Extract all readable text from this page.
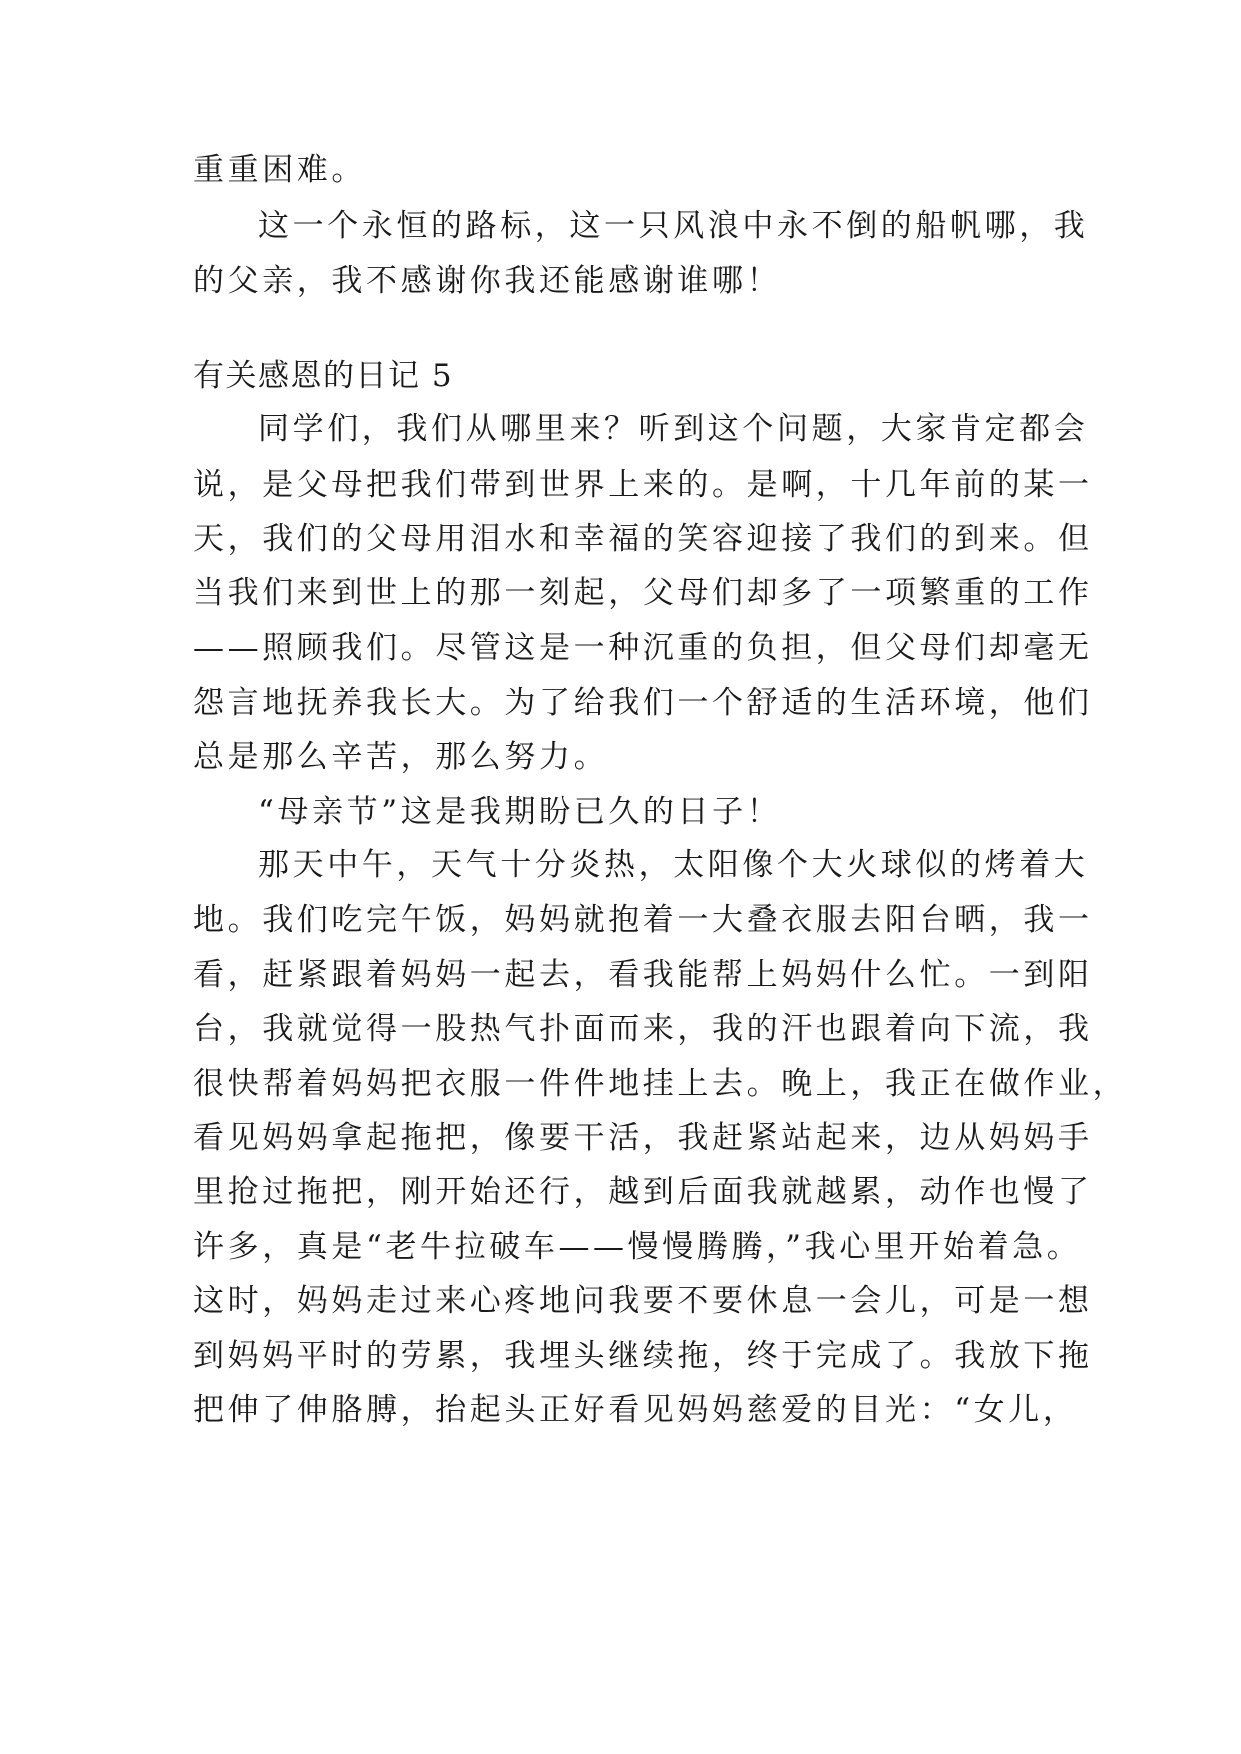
重重困难。
这一个永恒的路标，这一只风浪中永不倒的船帆哪，我
的父亲，我不感谢你我还能感谢谁哪！
有关感恩的日记 5
同学们，我们从哪里来？听到这个问题，大家肯定都会
说，是父母把我们带到世界上来的。是啊，十几年前的某一
天，我们的父母用泪水和幸福的笑容迎接了我们的到来。但
当我们来到世上的那一刻起，父母们却多了一项繁重的工作
——照顾我们。尽管这是一种沉重的负担，但父母们却毫无
怨言地抚养我长大。为了给我们一个舒适的生活环境，他们
总是那么辛苦，那么努力。
“母亲节”这是我期盼已久的日子！
那天中午，天气十分炎热，太阳像个大火球似的烤着大
地。我们吃完午饭，妈妈就抱着一大叠衣服去阳台晒，我一
看，赶紧跟着妈妈一起去，看我能帮上妈妈什么忙。一到阳
台，我就觉得一股热气扑面而来，我的汗也跟着向下流，我
很快帮着妈妈把衣服一件件地挂上去。晚上，我正在做作业，
看见妈妈拿起拖把，像要干活，我赶紧站起来，边从妈妈手
里抢过拖把，刚开始还行，越到后面我就越累，动作也慢了
许多，真是“老牛拉破车——慢慢腾腾，”我心里开始着急。
这时，妈妈走过来心疼地问我要不要休息一会儿，可是一想
到妈妈平时的劳累，我埋头继续拖，终于完成了。我放下拖
把伸了伸胳膊，抬起头正好看见妈妈慈爱的目光：“女儿，
